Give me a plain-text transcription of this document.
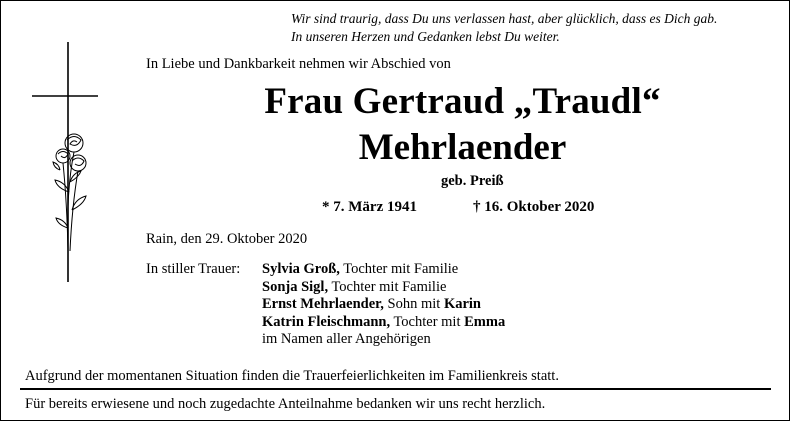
Wir sind traurig, dass Du uns verlassen hast, aber glücklich, dass es Dich gab.
In unseren Herzen und Gedanken lebst Du weiter.
In Liebe und Dankbarkeit nehmen wir Abschied von
Frau Gertraud „Traudl“
Mehrlaender
geb. Preiß
* 7. März 1941	† 16. Oktober 2020
Rain, den 29. Oktober 2020
In stiller Trauer: Sylvia Groß, Tochter mit Familie
Sonja Sigl, Tochter mit Familie
Ernst Mehrlaender, Sohn mit Karin
Katrin Fleischmann, Tochter mit Emma
im Namen aller Angehörigen
Aufgrund der momentanen Situation finden die Trauerfeierlichkeiten im Familienkreis statt.
Für bereits erwiesene und noch zugedachte Anteilnahme bedanken wir uns recht herzlich.
